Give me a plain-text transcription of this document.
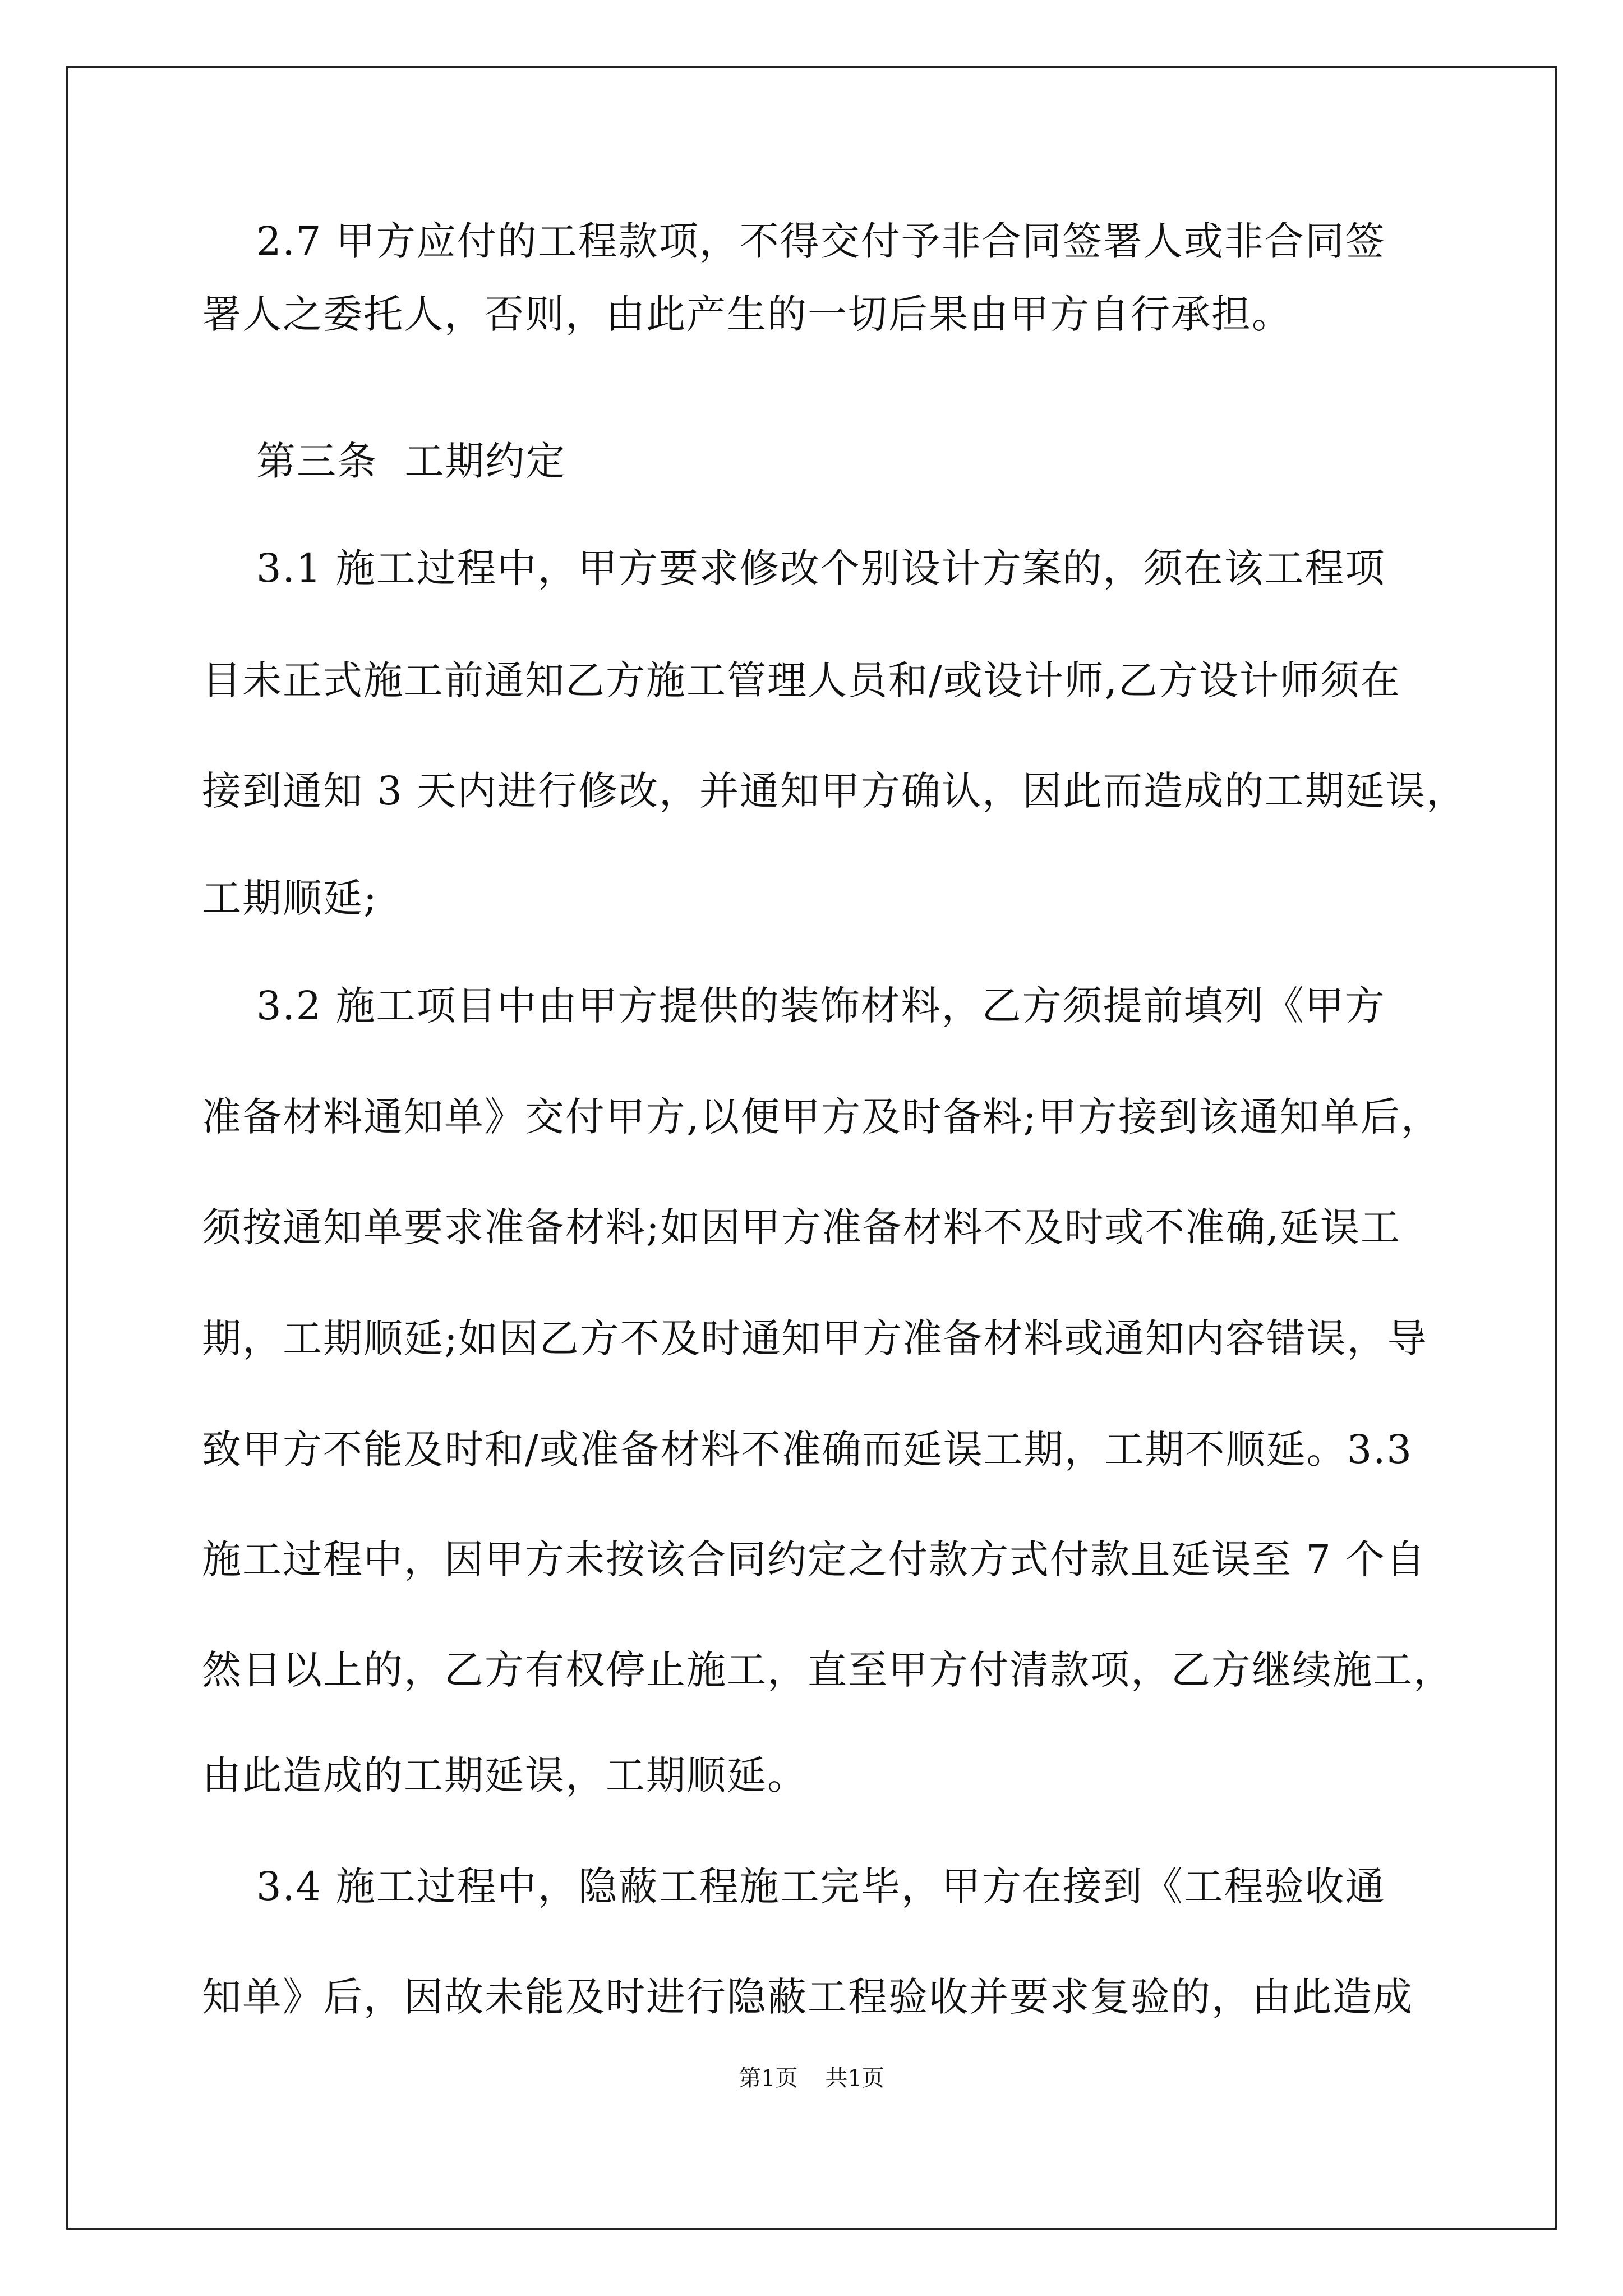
2.7 甲方应付的工程款项，不得交付予非合同签署人或非合同签
署人之委托人，否则，由此产生的一切后果由甲方自行承担。
第三条  工期约定
3.1 施工过程中，甲方要求修改个别设计方案的，须在该工程项
目未正式施工前通知乙方施工管理人员和/或设计师,乙方设计师须在
接到通知 3 天内进行修改，并通知甲方确认，因此而造成的工期延误，
工期顺延;
3.2 施工项目中由甲方提供的装饰材料，乙方须提前填列《甲方
准备材料通知单》交付甲方,以便甲方及时备料;甲方接到该通知单后，
须按通知单要求准备材料;如因甲方准备材料不及时或不准确,延误工
期，工期顺延;如因乙方不及时通知甲方准备材料或通知内容错误，导
致甲方不能及时和/或准备材料不准确而延误工期，工期不顺延。3.3
施工过程中，因甲方未按该合同约定之付款方式付款且延误至 7 个自
然日以上的，乙方有权停止施工，直至甲方付清款项，乙方继续施工，
由此造成的工期延误，工期顺延。
3.4 施工过程中，隐蔽工程施工完毕，甲方在接到《工程验收通
知单》后，因故未能及时进行隐蔽工程验收并要求复验的，由此造成
第1页 共1页
